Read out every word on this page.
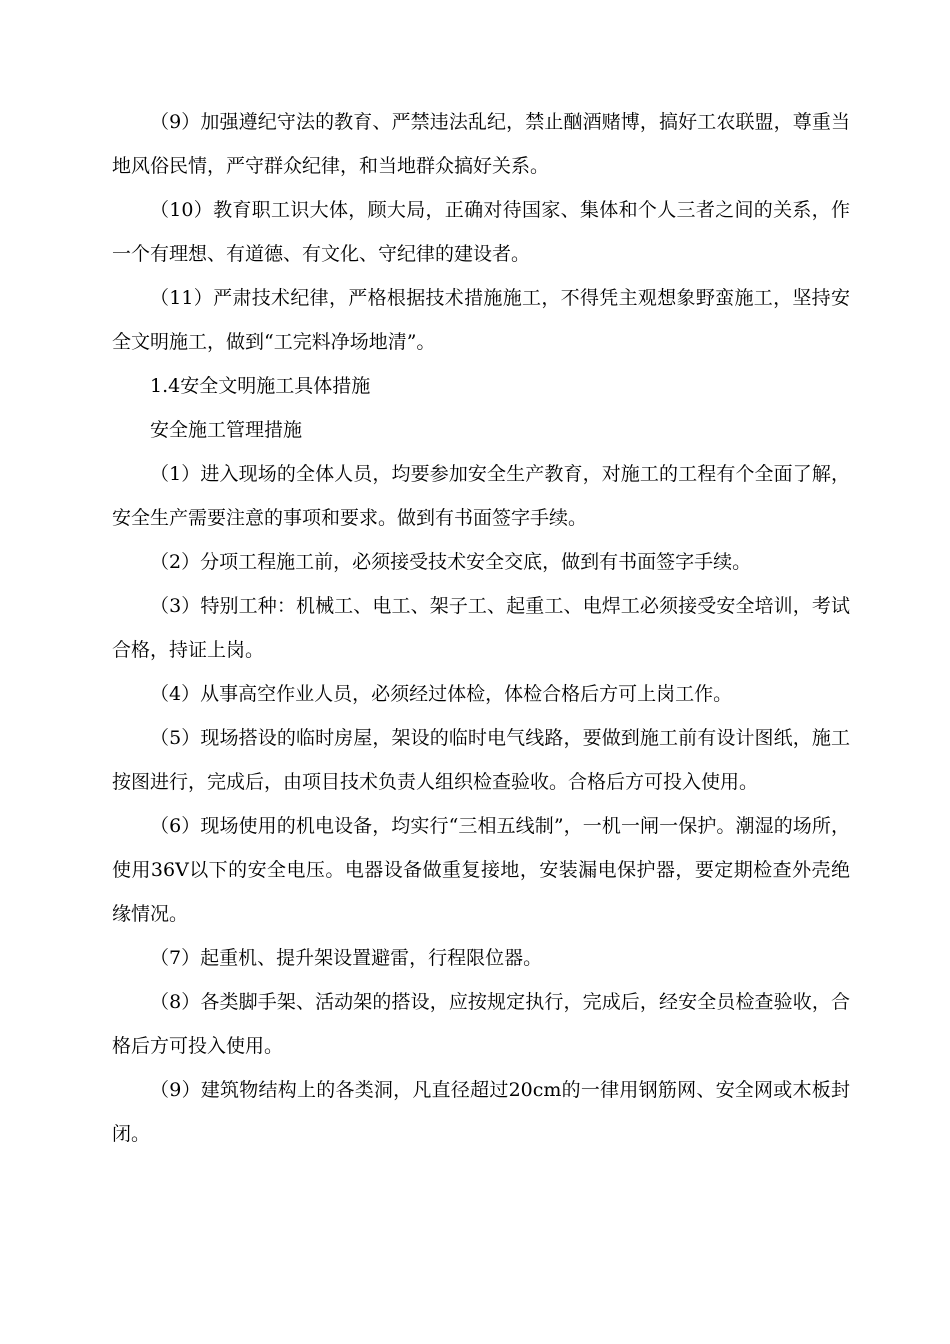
（9）加强遵纪守法的教育、严禁违法乱纪，禁止酗酒赌博，搞好工农联盟，尊重当地风俗民情，严守群众纪律，和当地群众搞好关系。

（10）教育职工识大体，顾大局，正确对待国家、集体和个人三者之间的关系，作一个有理想、有道德、有文化、守纪律的建设者。

（11）严肃技术纪律，严格根据技术措施施工，不得凭主观想象野蛮施工，坚持安全文明施工，做到“工完料净场地清”。

1.4安全文明施工具体措施

安全施工管理措施

（1）进入现场的全体人员，均要参加安全生产教育，对施工的工程有个全面了解，安全生产需要注意的事项和要求。做到有书面签字手续。

（2）分项工程施工前，必须接受技术安全交底，做到有书面签字手续。

（3）特别工种：机械工、电工、架子工、起重工、电焊工必须接受安全培训，考试合格，持证上岗。

（4）从事高空作业人员，必须经过体检，体检合格后方可上岗工作。

（5）现场搭设的临时房屋，架设的临时电气线路，要做到施工前有设计图纸，施工按图进行，完成后，由项目技术负责人组织检查验收。合格后方可投入使用。

（6）现场使用的机电设备，均实行“三相五线制”，一机一闸一保护。潮湿的场所，使用36V以下的安全电压。电器设备做重复接地，安装漏电保护器，要定期检查外壳绝缘情况。

（7）起重机、提升架设置避雷，行程限位器。

（8）各类脚手架、活动架的搭设，应按规定执行，完成后，经安全员检查验收，合格后方可投入使用。

（9）建筑物结构上的各类洞，凡直径超过20cm的一律用钢筋网、安全网或木板封闭。
